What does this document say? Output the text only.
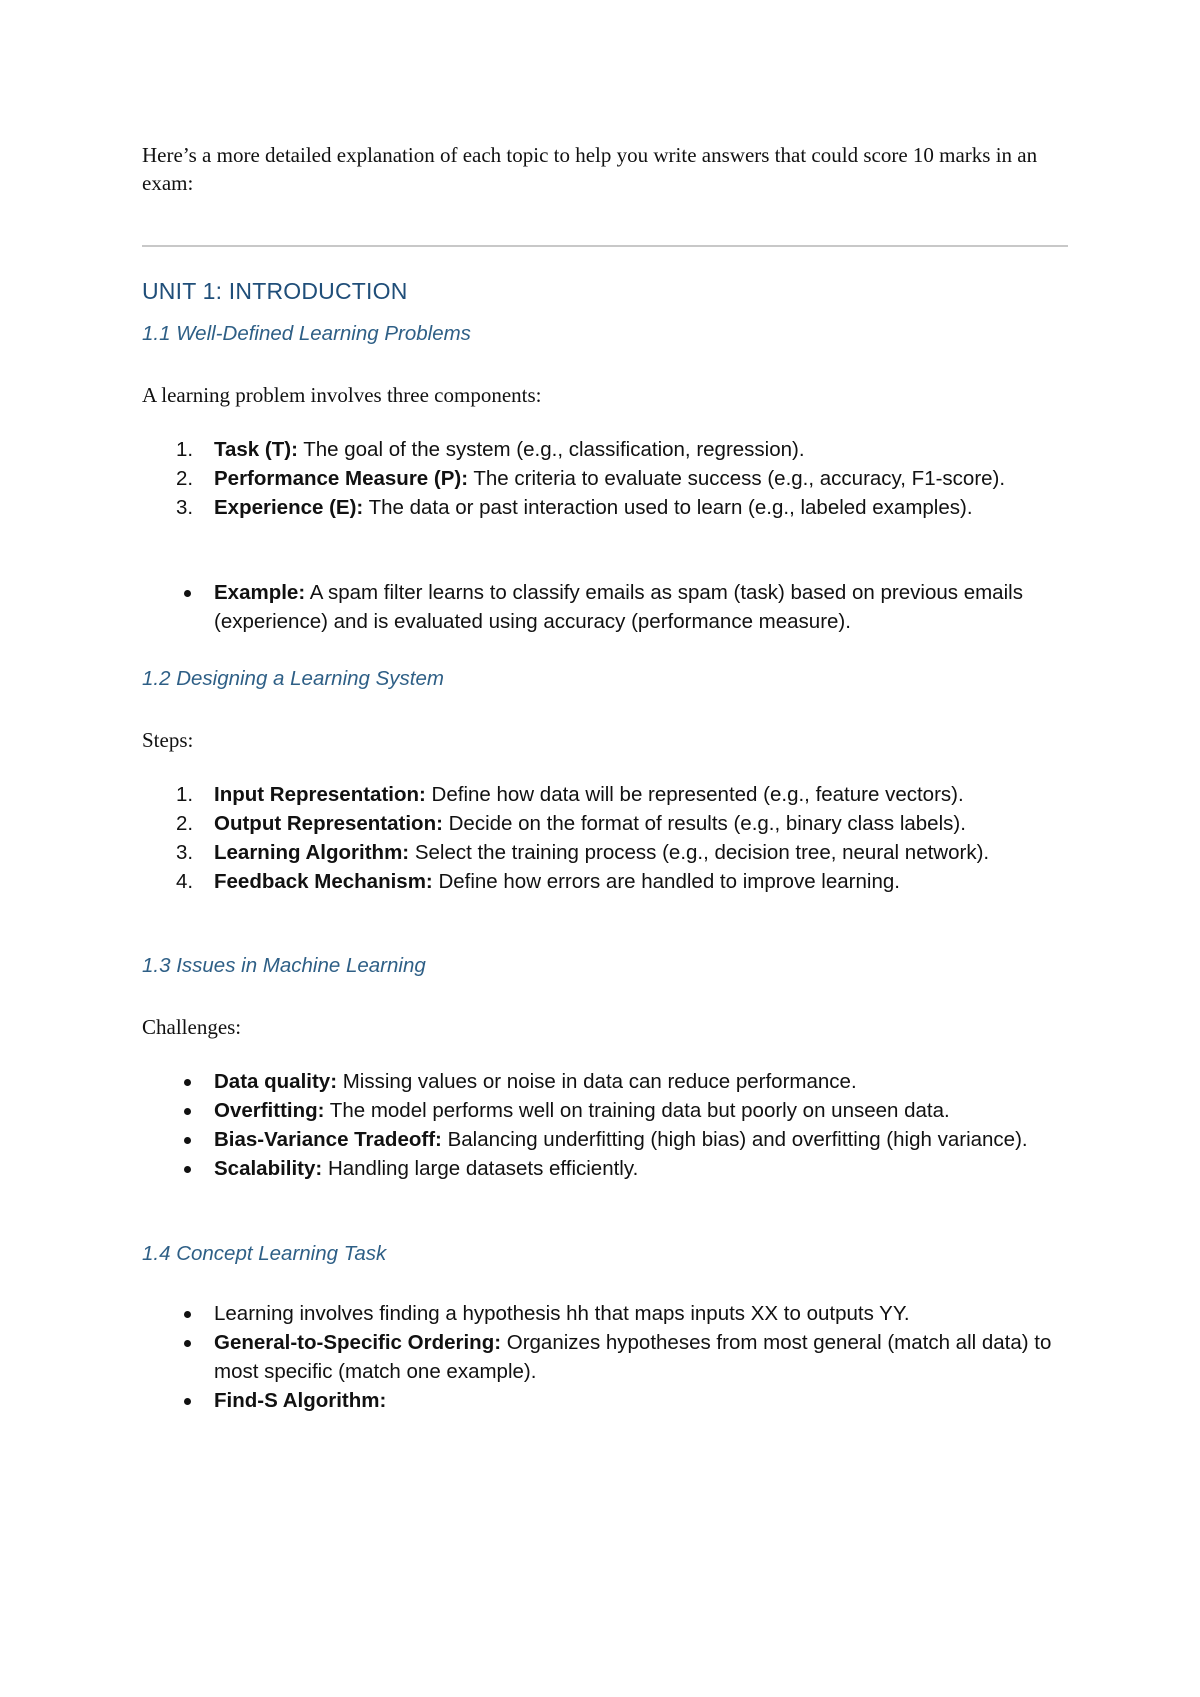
Here’s a more detailed explanation of each topic to help you write answers that could score 10 marks in an exam:
UNIT 1: INTRODUCTION
1.1 Well-Defined Learning Problems
A learning problem involves three components:
1.	Task (T): The goal of the system (e.g., classification, regression).
2.	Performance Measure (P): The criteria to evaluate success (e.g., accuracy, F1-score).
3.	Experience (E): The data or past interaction used to learn (e.g., labeled examples).
Example: A spam filter learns to classify emails as spam (task) based on previous emails (experience) and is evaluated using accuracy (performance measure).
1.2 Designing a Learning System
Steps:
1.	Input Representation: Define how data will be represented (e.g., feature vectors).
2.	Output Representation: Decide on the format of results (e.g., binary class labels).
3.	Learning Algorithm: Select the training process (e.g., decision tree, neural network).
4.	Feedback Mechanism: Define how errors are handled to improve learning.
1.3 Issues in Machine Learning
Challenges:
Data quality: Missing values or noise in data can reduce performance.
Overfitting: The model performs well on training data but poorly on unseen data.
Bias-Variance Tradeoff: Balancing underfitting (high bias) and overfitting (high variance).
Scalability: Handling large datasets efficiently.
1.4 Concept Learning Task
Learning involves finding a hypothesis hh that maps inputs XX to outputs YY.
General-to-Specific Ordering: Organizes hypotheses from most general (match all data) to most specific (match one example).
Find-S Algorithm:
